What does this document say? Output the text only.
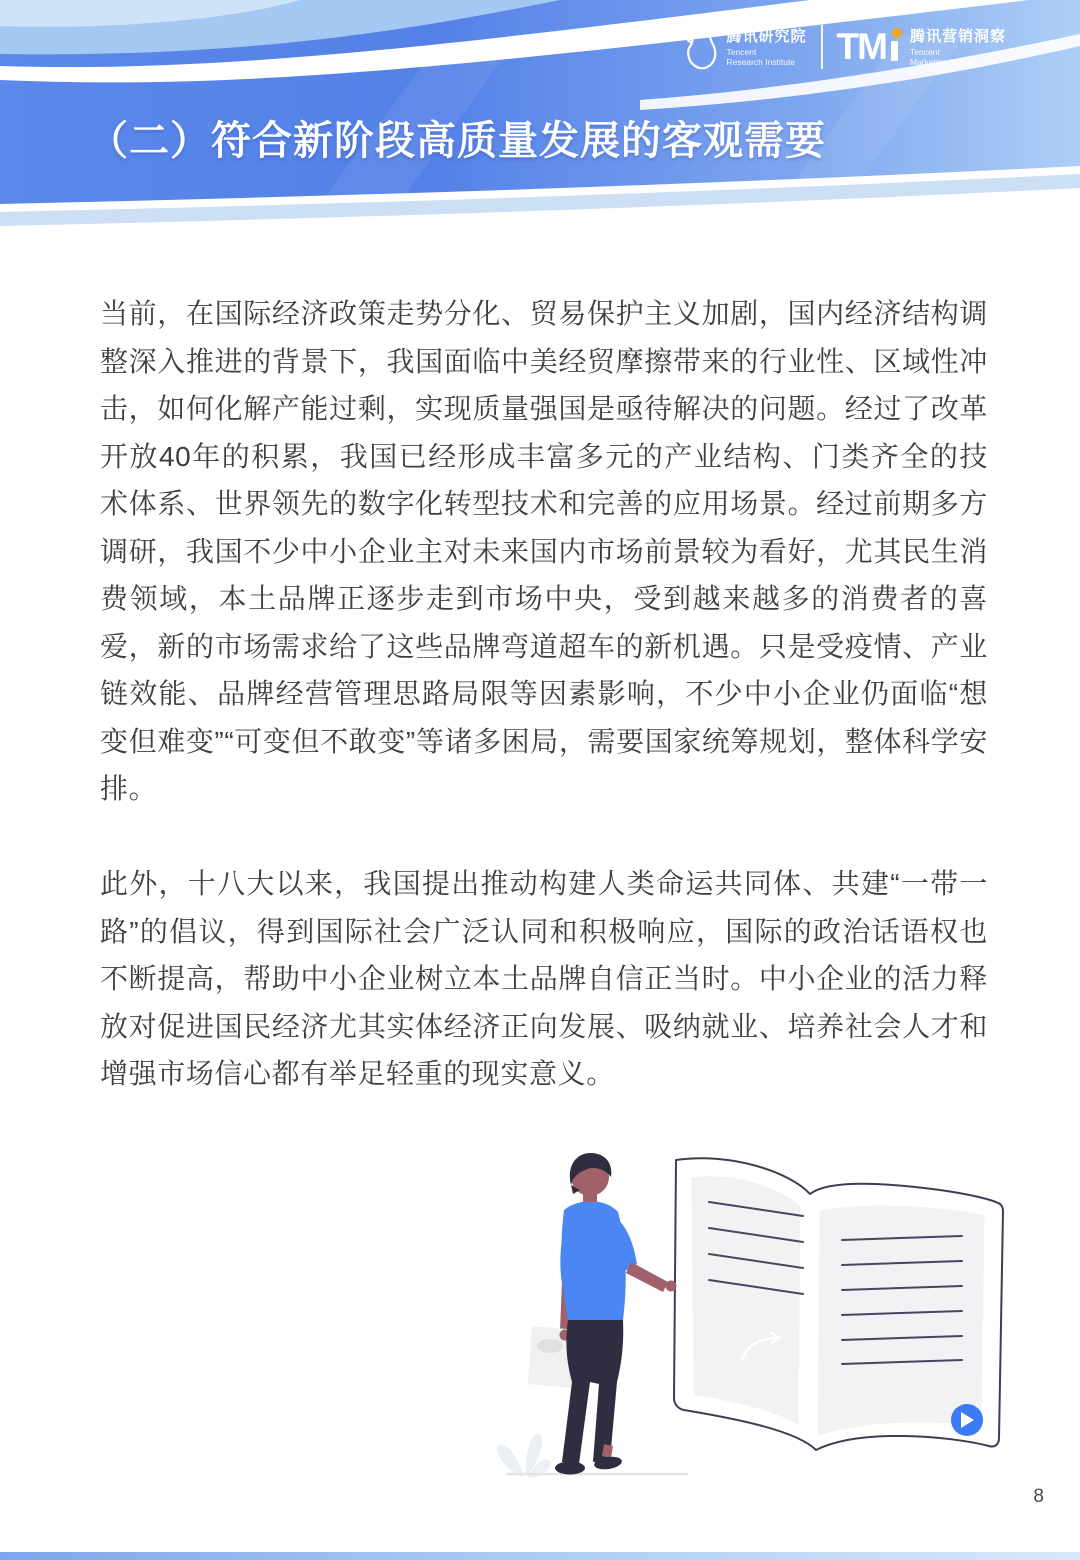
腾讯研究院
Tencent
Research Institute	TM 腾讯营销洞察
Tencent
Marketing Insight
（二）符合新阶段高质量发展的客观需要

当前，在国际经济政策走势分化、贸易保护主义加剧，国内经济结构调整深入推进的背景下，我国面临中美经贸摩擦带来的行业性、区域性冲击，如何化解产能过剩，实现质量强国是亟待解决的问题。经过了改革开放40年的积累，我国已经形成丰富多元的产业结构、门类齐全的技术体系、世界领先的数字化转型技术和完善的应用场景。经过前期多方调研，我国不少中小企业主对未来国内市场前景较为看好，尤其民生消费领域，本土品牌正逐步走到市场中央，受到越来越多的消费者的喜爱，新的市场需求给了这些品牌弯道超车的新机遇。只是受疫情、产业链效能、品牌经营管理思路局限等因素影响，不少中小企业仍面临“想变但难变”“可变但不敢变”等诸多困局，需要国家统筹规划，整体科学安排。

此外，十八大以来，我国提出推动构建人类命运共同体、共建“一带一路”的倡议，得到国际社会广泛认同和积极响应，国际的政治话语权也不断提高，帮助中小企业树立本土品牌自信正当时。中小企业的活力释放对促进国民经济尤其实体经济正向发展、吸纳就业、培养社会人才和增强市场信心都有举足轻重的现实意义。

8
